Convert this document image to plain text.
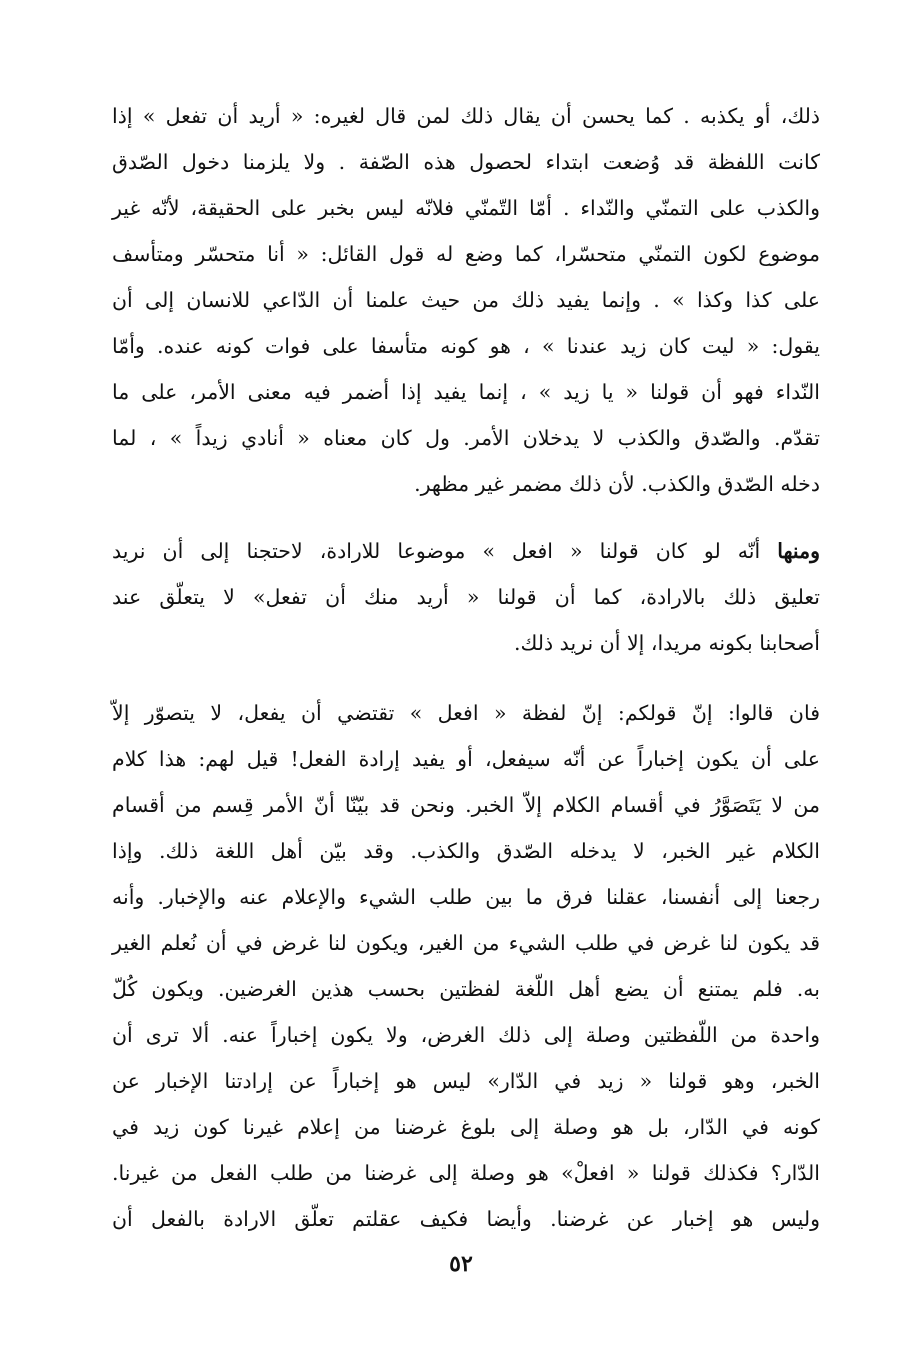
ذلك، أو يكذبه . كما يحسن أن يقال ذلك لمن قال لغيره: « أريد أن تفعل » إذا
كانت اللفظة قد وُضعت ابتداء لحصول هذه الصّفة . ولا يلزمنا دخول الصّدق
والكذب على التمنّي والنّداء . أمّا التّمنّي فلانّه ليس بخبر على الحقيقة، لأنّه غير
موضوع لكون التمنّي متحسّرا، كما وضع له قول القائل: « أنا متحسّر ومتأسف
على كذا وكذا » . وإنما يفيد ذلك من حيث علمنا أن الدّاعي للانسان إلى أن
يقول: « ليت كان زيد عندنا » ، هو كونه متأسفا على فوات كونه عنده. وأمّا
النّداء فهو أن قولنا « يا زيد » ، إنما يفيد إذا أضمر فيه معنى الأمر، على ما
تقدّم. والصّدق والكذب لا يدخلان الأمر. ول كان معناه « أنادي زيداً » ، لما
دخله الصّدق والكذب. لأن ذلك مضمر غير مظهر.
ومنها أنّه لو كان قولنا « افعل » موضوعا للارادة، لاحتجنا إلى أن نريد
تعليق ذلك بالارادة، كما أن قولنا « أريد منك أن تفعل» لا يتعلّق عند
أصحابنا بكونه مريدا، إلا أن نريد ذلك.
فان قالوا: إنّ قولكم: إنّ لفظة « افعل » تقتضي أن يفعل، لا يتصوّر إلاّ
على أن يكون إخباراً عن أنّه سيفعل، أو يفيد إرادة الفعل! قيل لهم: هذا كلام
من لا يَتَصَوَّرُ في أقسام الكلام إلاّ الخبر. ونحن قد بيّنّا أنّ الأمر قِسم من أقسام
الكلام غير الخبر، لا يدخله الصّدق والكذب. وقد بيّن أهل اللغة ذلك. وإذا
رجعنا إلى أنفسنا، عقلنا فرق ما بين طلب الشيء والإعلام عنه والإخبار. وأنه
قد يكون لنا غرض في طلب الشيء من الغير، ويكون لنا غرض في أن نُعلم الغير
به. فلم يمتنع أن يضع أهل اللّغة لفظتين بحسب هذين الغرضين. ويكون كُلّ
واحدة من اللّفظتين وصلة إلى ذلك الغرض، ولا يكون إخباراً عنه. ألا ترى أن
الخبر، وهو قولنا « زيد في الدّار» ليس هو إخباراً عن إرادتنا الإخبار عن
كونه في الدّار، بل هو وصلة إلى بلوغ غرضنا من إعلام غيرنا كون زيد في
الدّار؟ فكذلك قولنا « افعلْ» هو وصلة إلى غرضنا من طلب الفعل من غيرنا.
وليس هو إخبار عن غرضنا. وأيضا فكيف عقلتم تعلّق الارادة بالفعل أن
٥٢
